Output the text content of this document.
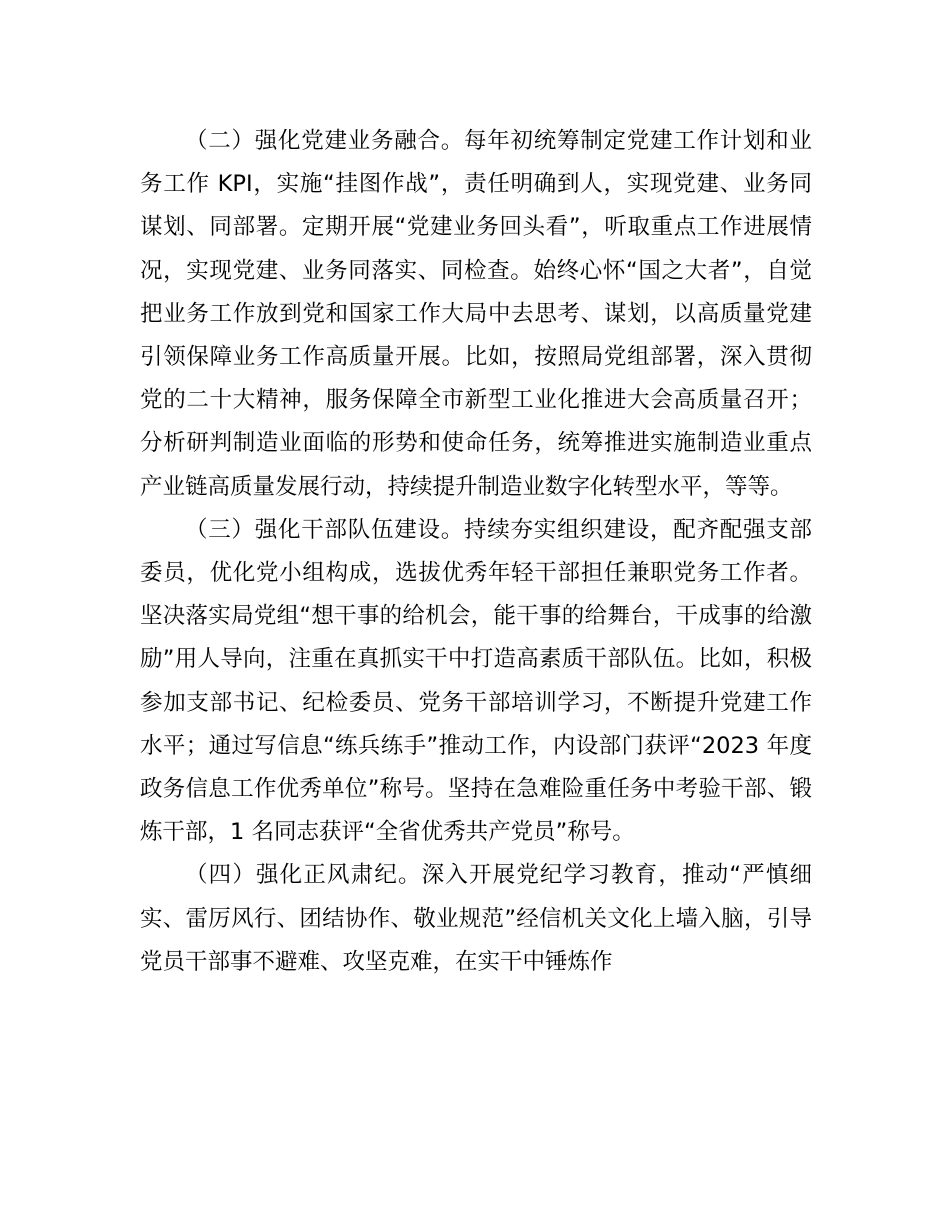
（二）强化党建业务融合。每年初统筹制定党建工作计划和业务工作 KPI，实施“挂图作战”，责任明确到人，实现党建、业务同谋划、同部署。定期开展“党建业务回头看”，听取重点工作进展情况，实现党建、业务同落实、同检查。始终心怀“国之大者”，自觉把业务工作放到党和国家工作大局中去思考、谋划，以高质量党建引领保障业务工作高质量开展。比如，按照局党组部署，深入贯彻党的二十大精神，服务保障全市新型工业化推进大会高质量召开；分析研判制造业面临的形势和使命任务，统筹推进实施制造业重点产业链高质量发展行动，持续提升制造业数字化转型水平，等等。

（三）强化干部队伍建设。持续夯实组织建设，配齐配强支部委员，优化党小组构成，选拔优秀年轻干部担任兼职党务工作者。坚决落实局党组“想干事的给机会，能干事的给舞台，干成事的给激励”用人导向，注重在真抓实干中打造高素质干部队伍。比如，积极参加支部书记、纪检委员、党务干部培训学习，不断提升党建工作水平；通过写信息“练兵练手”推动工作，内设部门获评“2023 年度政务信息工作优秀单位”称号。坚持在急难险重任务中考验干部、锻炼干部，1 名同志获评“全省优秀共产党员”称号。

（四）强化正风肃纪。深入开展党纪学习教育，推动“严慎细实、雷厉风行、团结协作、敬业规范”经信机关文化上墙入脑，引导党员干部事不避难、攻坚克难，在实干中锤炼作
